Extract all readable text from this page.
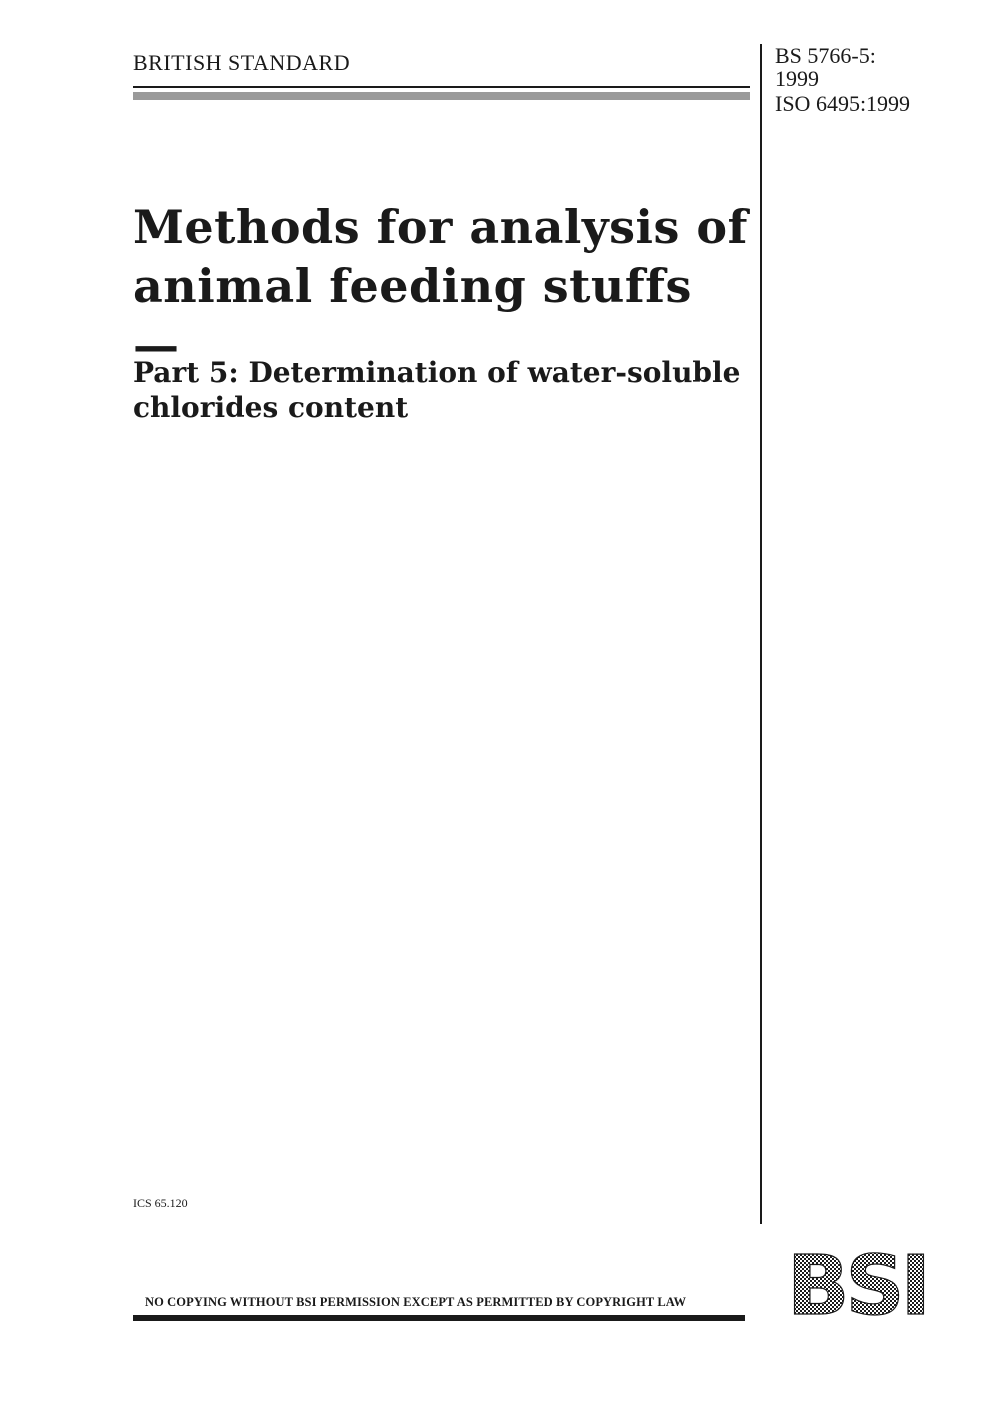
BRITISH STANDARD	BS 5766-5:
1999
ISO 6495:1999
Methods for analysis of
animal feeding stuffs —
Part 5: Determination of water-soluble
chlorides content
ICS 65.120
NO COPYING WITHOUT BSI PERMISSION EXCEPT AS PERMITTED BY COPYRIGHT LAW BSI
